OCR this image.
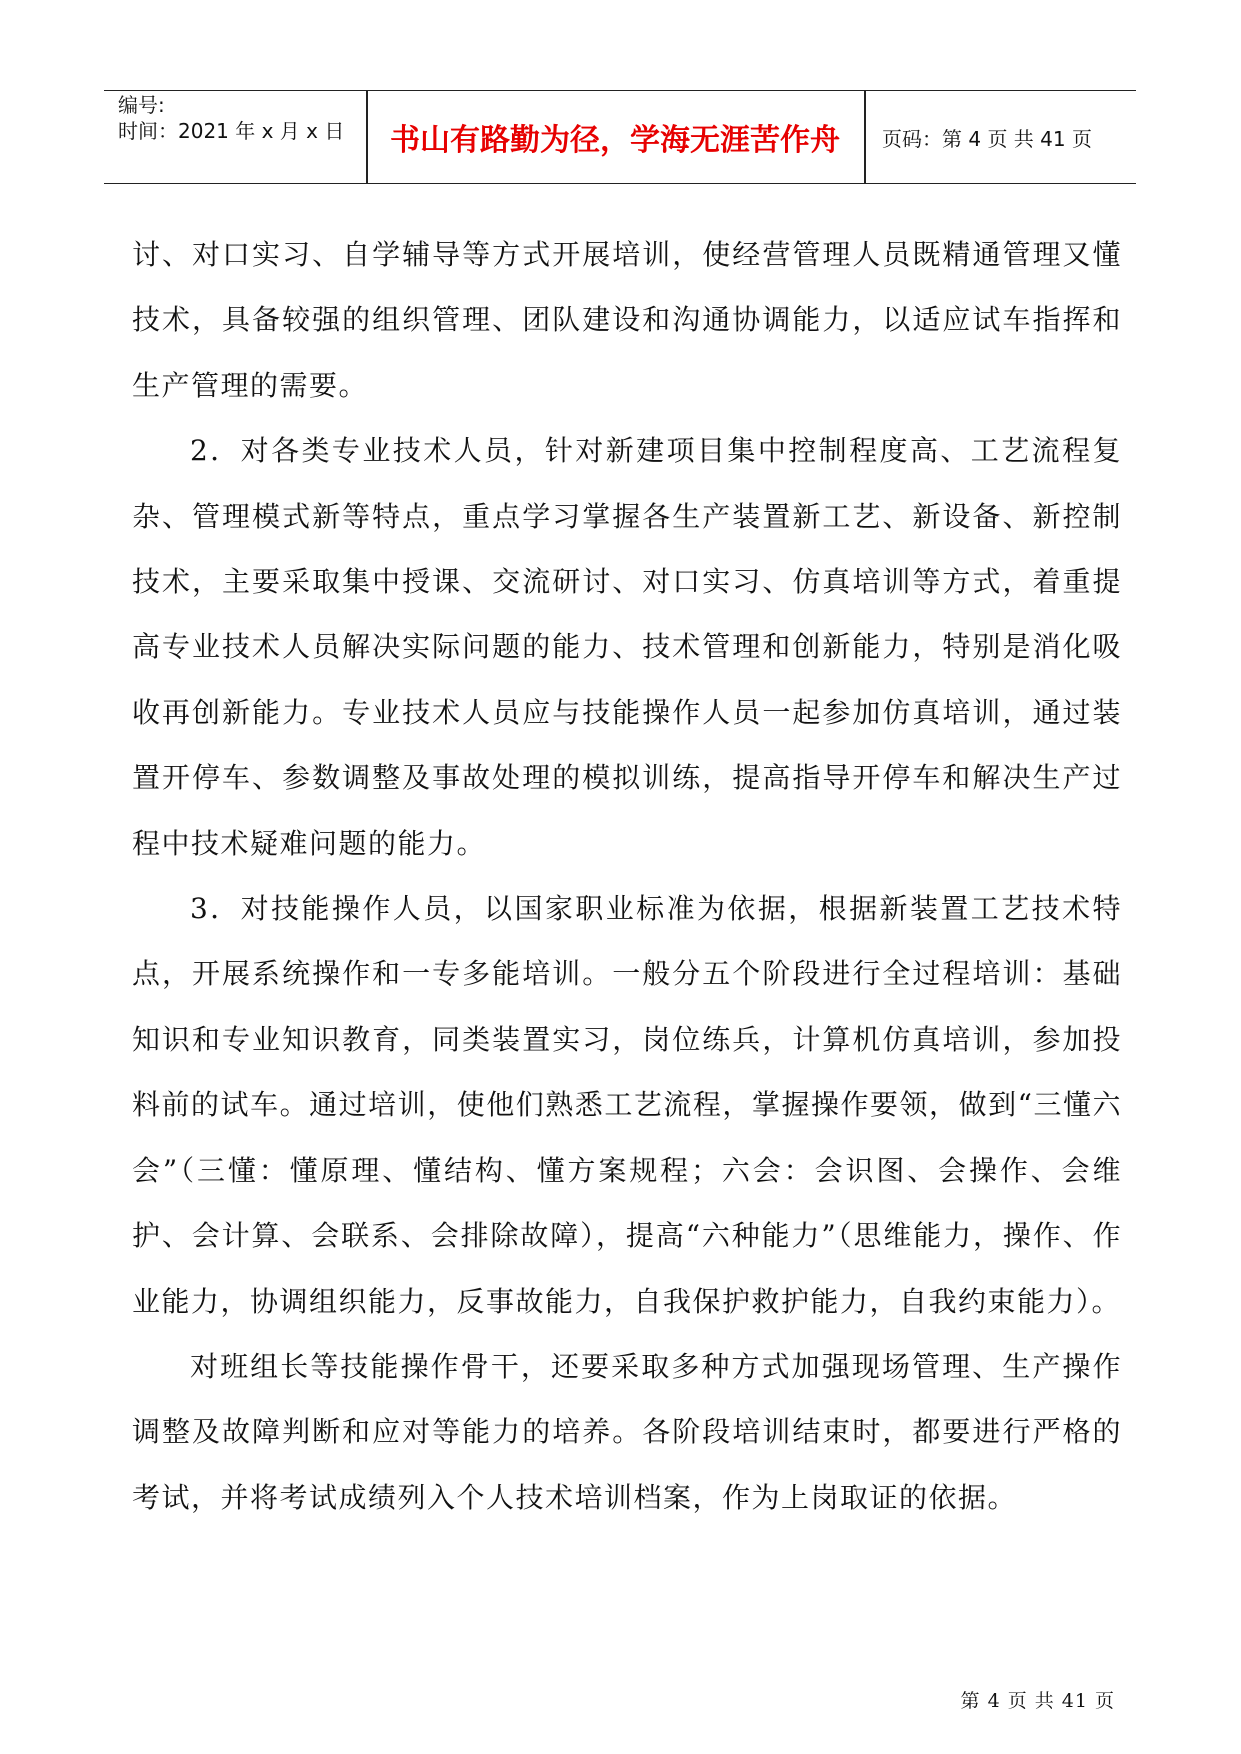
编号:
时间：2021 年 x 月 x 日	书山有路勤为径，学海无涯苦作舟	页码：第 4 页 共 41 页

讨、对口实习、自学辅导等方式开展培训，使经营管理人员既精通管理又懂技术，具备较强的组织管理、团队建设和沟通协调能力，以适应试车指挥和生产管理的需要。

2．对各类专业技术人员，针对新建项目集中控制程度高、工艺流程复杂、管理模式新等特点，重点学习掌握各生产装置新工艺、新设备、新控制技术，主要采取集中授课、交流研讨、对口实习、仿真培训等方式，着重提高专业技术人员解决实际问题的能力、技术管理和创新能力，特别是消化吸收再创新能力。专业技术人员应与技能操作人员一起参加仿真培训，通过装置开停车、参数调整及事故处理的模拟训练，提高指导开停车和解决生产过程中技术疑难问题的能力。

3．对技能操作人员，以国家职业标准为依据，根据新装置工艺技术特点，开展系统操作和一专多能培训。一般分五个阶段进行全过程培训：基础知识和专业知识教育，同类装置实习，岗位练兵，计算机仿真培训，参加投料前的试车。通过培训，使他们熟悉工艺流程，掌握操作要领，做到“三懂六会”（三懂：懂原理、懂结构、懂方案规程；六会：会识图、会操作、会维护、会计算、会联系、会排除故障），提高“六种能力”（思维能力，操作、作业能力，协调组织能力，反事故能力，自我保护救护能力，自我约束能力）。

对班组长等技能操作骨干，还要采取多种方式加强现场管理、生产操作调整及故障判断和应对等能力的培养。各阶段培训结束时，都要进行严格的考试，并将考试成绩列入个人技术培训档案，作为上岗取证的依据。

第 4 页 共 41 页
